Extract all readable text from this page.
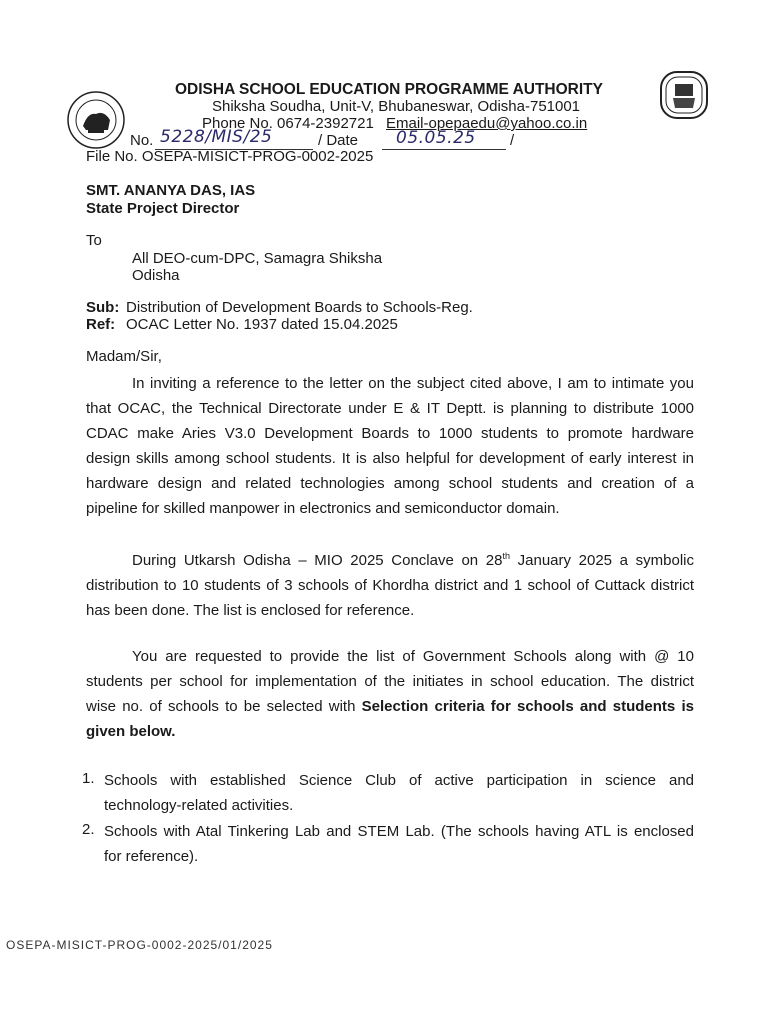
ODISHA SCHOOL EDUCATION PROGRAMME AUTHORITY
Shiksha Soudha, Unit-V, Bhubaneswar, Odisha-751001
Phone No. 0674-2392721 Email-opepaedu@yahoo.co.in
No. 5228/MIS/25	/ Date 05.05.25 /
File No. OSEPA-MISICT-PROG-0002-2025
SMT. ANANYA DAS, IAS
State Project Director
To
All DEO-cum-DPC, Samagra Shiksha
Odisha
Sub: Distribution of Development Boards to Schools-Reg.
Ref: OCAC Letter No. 1937 dated 15.04.2025
Madam/Sir,
In inviting a reference to the letter on the subject cited above, I am to intimate you
that OCAC, the Technical Directorate under E & IT Deptt. is planning to distribute 1000
CDAC make Aries V3.0 Development Boards to 1000 students to promote hardware
design skills among school students. It is also helpful for development of early interest in
hardware design and related technologies among school students and creation of a
pipeline for skilled manpower in electronics and semiconductor domain.
During Utkarsh Odisha – MIO 2025 Conclave on 28th January 2025 a symbolic
distribution to 10 students of 3 schools of Khordha district and 1 school of Cuttack district
has been done. The list is enclosed for reference.
You are requested to provide the list of Government Schools along with @ 10
students per school for implementation of the initiates in school education. The district
wise no. of schools to be selected with Selection criteria for schools and students is
given below.
1. Schools with established Science Club of active participation in science and
technology-related activities.
2. Schools with Atal Tinkering Lab and STEM Lab. (The schools having ATL is enclosed
for reference).
OSEPA-MISICT-PROG-0002-2025/01/2025
